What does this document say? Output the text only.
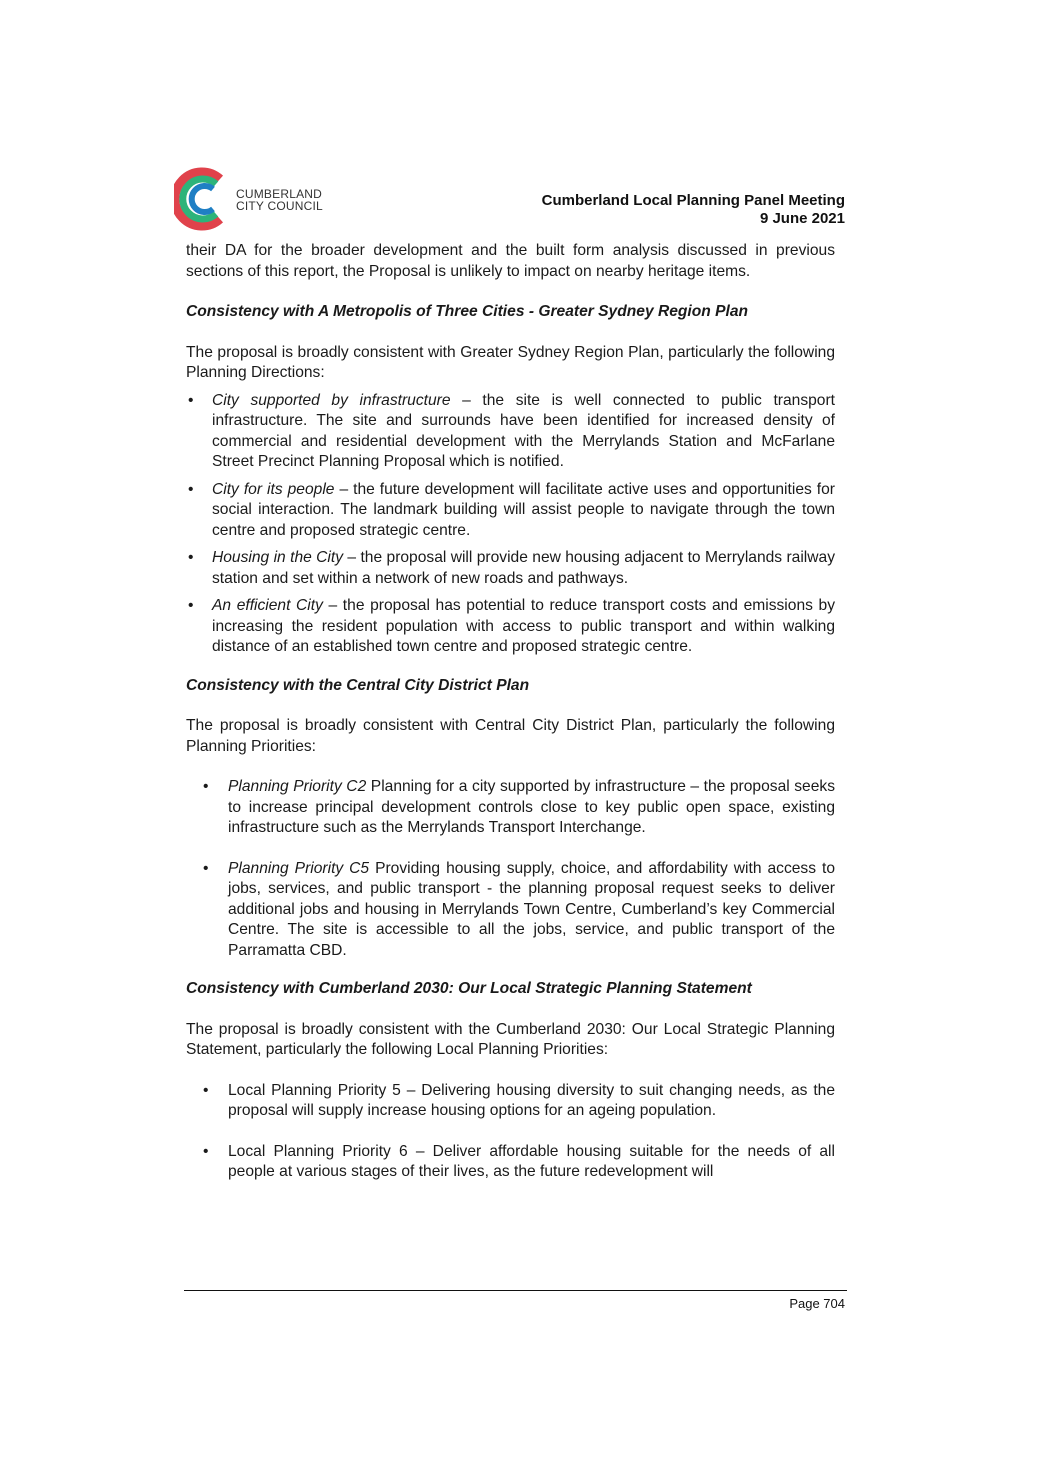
CUMBERLAND
CITY COUNCIL	Cumberland Local Planning Panel Meeting
9 June 2021

their DA for the broader development and the built form analysis discussed in previous sections of this report, the Proposal is unlikely to impact on nearby heritage items.

Consistency with A Metropolis of Three Cities - Greater Sydney Region Plan

The proposal is broadly consistent with Greater Sydney Region Plan, particularly the following Planning Directions:

• City supported by infrastructure – the site is well connected to public transport infrastructure. The site and surrounds have been identified for increased density of commercial and residential development with the Merrylands Station and McFarlane Street Precinct Planning Proposal which is notified.
• City for its people – the future development will facilitate active uses and opportunities for social interaction. The landmark building will assist people to navigate through the town centre and proposed strategic centre.
• Housing in the City – the proposal will provide new housing adjacent to Merrylands railway station and set within a network of new roads and pathways.
• An efficient City – the proposal has potential to reduce transport costs and emissions by increasing the resident population with access to public transport and within walking distance of an established town centre and proposed strategic centre.

Consistency with the Central City District Plan

The proposal is broadly consistent with Central City District Plan, particularly the following Planning Priorities:

• Planning Priority C2 Planning for a city supported by infrastructure – the proposal seeks to increase principal development controls close to key public open space, existing infrastructure such as the Merrylands Transport Interchange.
• Planning Priority C5 Providing housing supply, choice, and affordability with access to jobs, services, and public transport - the planning proposal request seeks to deliver additional jobs and housing in Merrylands Town Centre, Cumberland’s key Commercial Centre. The site is accessible to all the jobs, service, and public transport of the Parramatta CBD.

Consistency with Cumberland 2030: Our Local Strategic Planning Statement

The proposal is broadly consistent with the Cumberland 2030: Our Local Strategic Planning Statement, particularly the following Local Planning Priorities:

• Local Planning Priority 5 – Delivering housing diversity to suit changing needs, as the proposal will supply increase housing options for an ageing population.
• Local Planning Priority 6 – Deliver affordable housing suitable for the needs of all people at various stages of their lives, as the future redevelopment will
Page 704
